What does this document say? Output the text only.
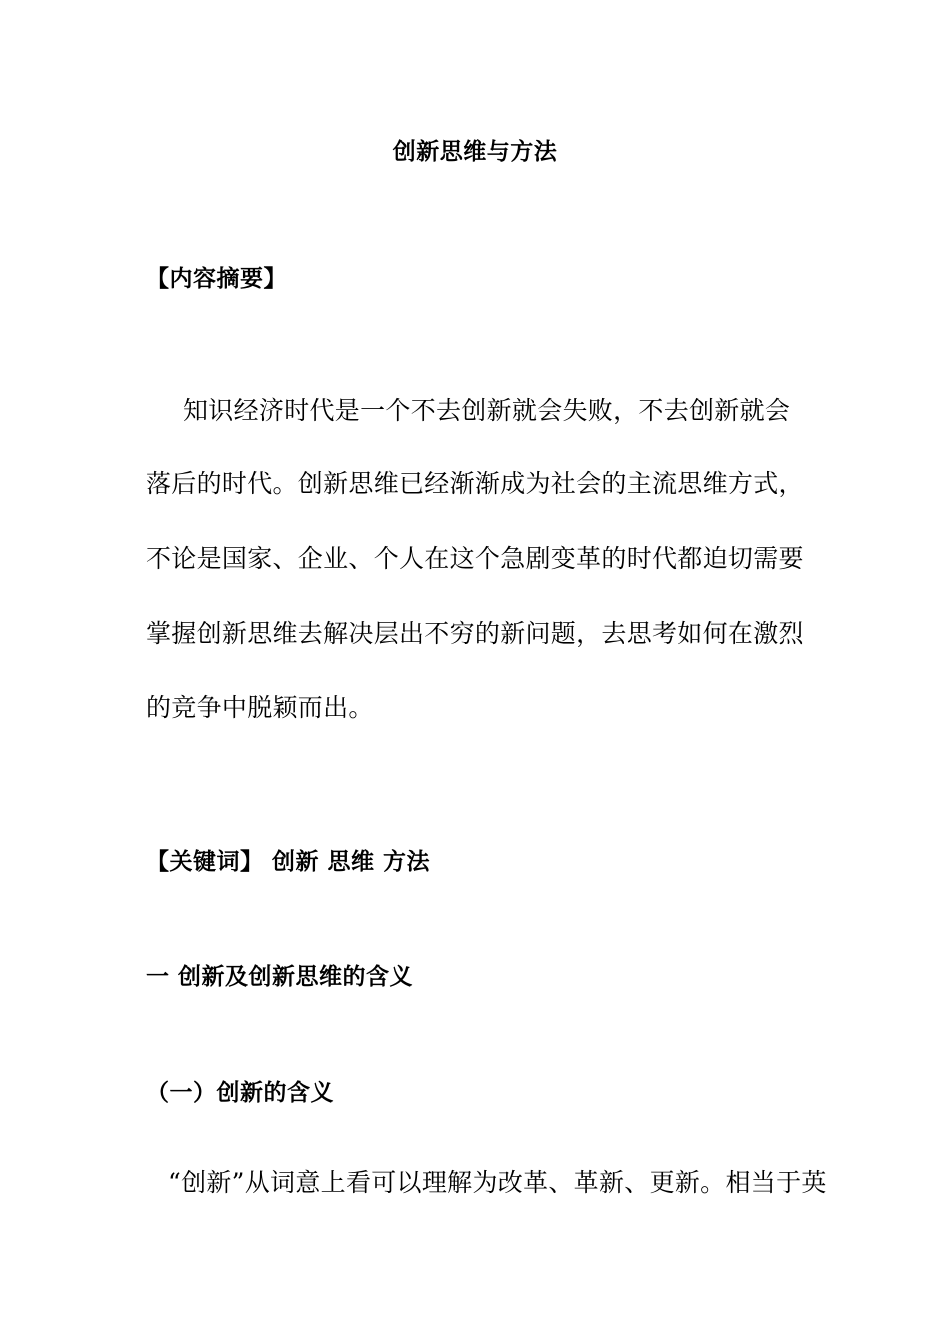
创新思维与方法
【内容摘要】
知识经济时代是一个不去创新就会失败，不去创新就会
落后的时代。创新思维已经渐渐成为社会的主流思维方式，
不论是国家、企业、个人在这个急剧变革的时代都迫切需要
掌握创新思维去解决层出不穷的新问题，去思考如何在激烈
的竞争中脱颖而出。
【关键词】 创新 思维 方法
一 创新及创新思维的含义
（一）创新的含义
“创新”从词意上看可以理解为改革、革新、更新。相当于英
